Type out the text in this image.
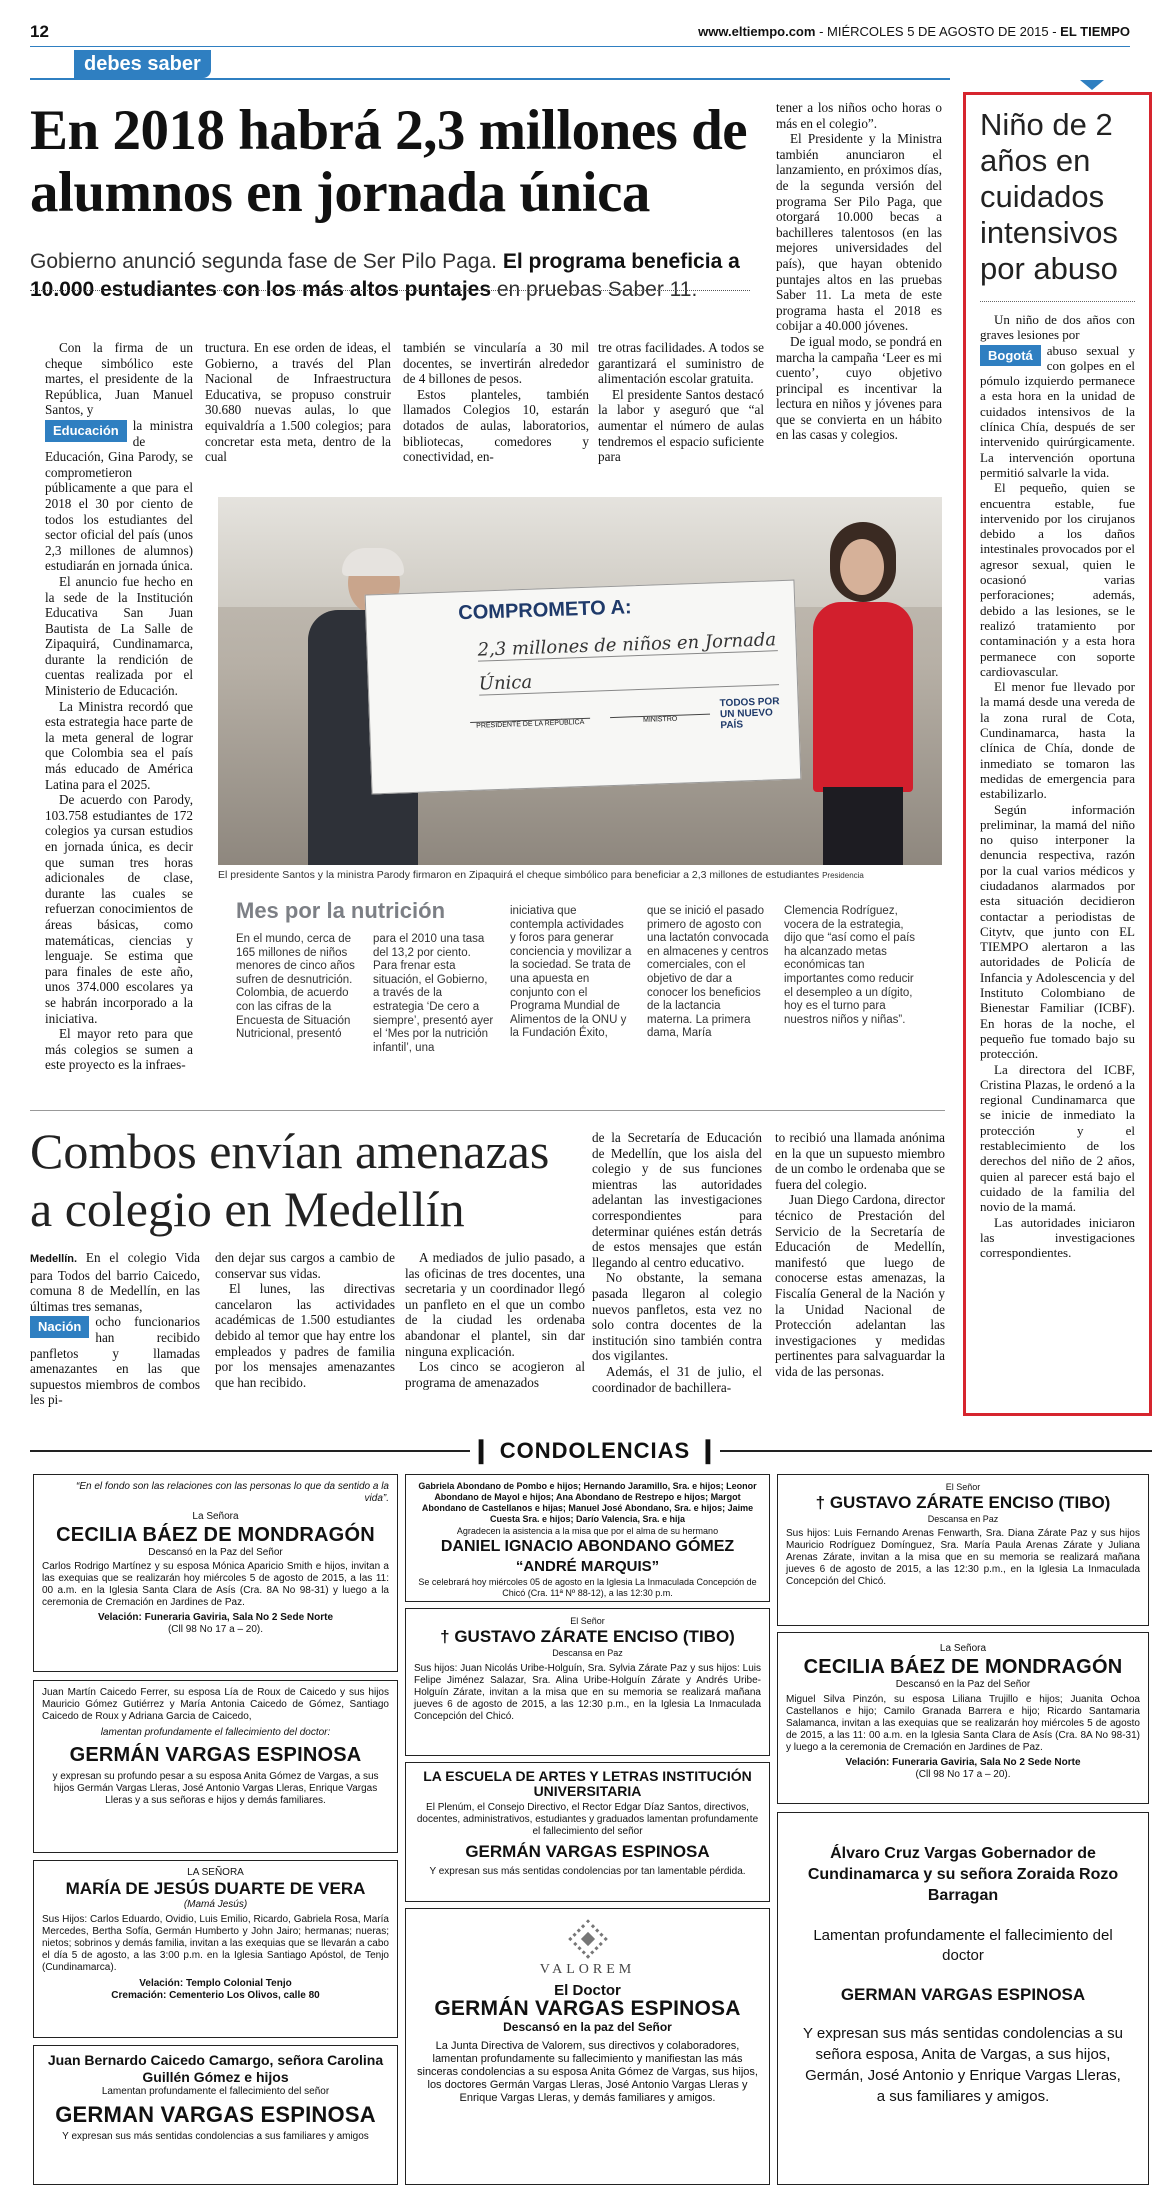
12	www.eltiempo.com - MIÉRCOLES 5 DE AGOSTO DE 2015 - EL TIEMPO
debes saber
En 2018 habrá 2,3 millones de alumnos en jornada única
Gobierno anunció segunda fase de Ser Pilo Paga. El programa beneficia a 10.000 estudiantes con los más altos puntajes en pruebas Saber 11.

Con la firma de un cheque simbólico este martes, el presidente de la República, Juan Manuel Santos, y

Educación	la ministra de Educación, Gina Parody, se comprometieron públicamente a que para el 2018 el 30 por ciento de todos los estudiantes del sector oficial del país (unos 2,3 millones de alumnos) estudiarán en jornada única.

El anuncio fue hecho en la sede de la Institución Educativa San Juan Bautista de La Salle de Zipaquirá, Cundinamarca, durante la rendición de cuentas realizada por el Ministerio de Educación.

La Ministra recordó que esta estrategia hace parte de la meta general de lograr que Colombia sea el país más educado de América Latina para el 2025.

De acuerdo con Parody, 103.758 estudiantes de 172 colegios ya cursan estudios en jornada única, es decir que suman tres horas adicionales de clase, durante las cuales se refuerzan conocimientos de áreas básicas, como matemáticas, ciencias y lenguaje. Se estima que para finales de este año, unos 374.000 escolares ya se habrán incorporado a la iniciativa.

El mayor reto para que más colegios se sumen a este proyecto es la infraes-

tructura. En ese orden de ideas, el Gobierno, a través del Plan Nacional de Infraestructura Educativa, se propuso construir 30.680 nuevas aulas, lo que equivaldría a 1.500 colegios; para concretar esta meta, dentro de la cual

también se vincularía a 30 mil docentes, se invertirán alrededor de 4 billones de pesos.

Estos planteles, también llamados Colegios 10, estarán dotados de aulas, laboratorios, bibliotecas, comedores y conectividad, en-

tre otras facilidades. A todos se garantizará el suministro de alimentación escolar gratuita.

El presidente Santos destacó la labor y aseguró que “al aumentar el número de aulas tendremos el espacio suficiente para

tener a los niños ocho horas o más en el colegio”.

El Presidente y la Ministra también anunciaron el lanzamiento, en próximos días, de la segunda versión del programa Ser Pilo Paga, que otorgará 10.000 becas a bachilleres talentosos (en las mejores universidades del país), que hayan obtenido puntajes altos en las pruebas Saber 11. La meta de este programa hasta el 2018 es cobijar a 40.000 jóvenes.

De igual modo, se pondrá en marcha la campaña ‘Leer es mi cuento’, cuyo objetivo principal es incentivar la lectura en niños y jóvenes para que se convierta en un hábito en las casas y colegios.

COMPROMETO A:
2,3 millones de niños en Jornada
Única
PRESIDENTE DE LA REPÚBLICA	MINISTRO
TODOS POR UN NUEVO PAÍS
El presidente Santos y la ministra Parody firmaron en Zipaquirá el cheque simbólico para beneficiar a 2,3 millones de estudiantes Presidencia
Mes por la nutrición
En el mundo, cerca de 165 millones de niños menores de cinco años sufren de desnutrición. Colombia, de acuerdo con las cifras de la Encuesta de Situación Nutricional, presentó
para el 2010 una tasa del 13,2 por ciento. Para frenar esta situación, el Gobierno, a través de la estrategia ‘De cero a siempre’, presentó ayer el ‘Mes por la nutrición infantil’, una
iniciativa que contempla actividades y foros para generar conciencia y movilizar a la sociedad. Se trata de una apuesta en conjunto con el Programa Mundial de Alimentos de la ONU y la Fundación Éxito,
que se inició el pasado primero de agosto con una lactatón convocada en almacenes y centros comerciales, con el objetivo de dar a conocer los beneficios de la lactancia materna. La primera dama, María
Clemencia Rodríguez, vocera de la estrategia, dijo que “así como el país ha alcanzado metas económicas tan importantes como reducir el desempleo a un dígito, hoy es el turno para nuestros niños y niñas”.
Niño de 2 años en cuidados intensivos por abuso

Un niño de dos años con graves lesiones por

Bogotá	abuso sexual y con golpes en el pómulo izquierdo permanece a esta hora en la unidad de cuidados intensivos de la clínica Chía, después de ser intervenido quirúrgicamente. La intervención oportuna permitió salvarle la vida.

El pequeño, quien se encuentra estable, fue intervenido por los cirujanos debido a los daños intestinales provocados por el agresor sexual, quien le ocasionó varias perforaciones; además, debido a las lesiones, se le realizó tratamiento por contaminación y a esta hora permanece con soporte cardiovascular.

El menor fue llevado por la mamá desde una vereda de la zona rural de Cota, Cundinamarca, hasta la clínica de Chía, donde de inmediato se tomaron las medidas de emergencia para estabilizarlo.

Según información preliminar, la mamá del niño no quiso interponer la denuncia respectiva, razón por la cual varios médicos y ciudadanos alarmados por esta situación decidieron contactar a periodistas de Citytv, que junto con EL TIEMPO alertaron a las autoridades de Policía de Infancia y Adolescencia y del Instituto Colombiano de Bienestar Familiar (ICBF). En horas de la noche, el pequeño fue tomado bajo su protección.

La directora del ICBF, Cristina Plazas, le ordenó a la regional Cundinamarca que se inicie de inmediato la protección y el restablecimiento de los derechos del niño de 2 años, quien al parecer está bajo el cuidado de la familia del novio de la mamá.

Las autoridades iniciaron las investigaciones correspondientes.

Combos envían amenazas
a colegio en Medellín

Medellín. En el colegio Vida para Todos del barrio Caicedo, comuna 8 de Medellín, en las últimas tres semanas,

Nación	ocho funcionarios han recibido panfletos y llamadas amenazantes en las que supuestos miembros de combos les pi-

den dejar sus cargos a cambio de conservar sus vidas.

El lunes, las directivas cancelaron las actividades académicas de 1.500 estudiantes debido al temor que hay entre los empleados y padres de familia por los mensajes amenazantes que han recibido.

A mediados de julio pasado, a las oficinas de tres docentes, una secretaria y un coordinador llegó un panfleto en el que un combo de la ciudad les ordenaba abandonar el plantel, sin dar ninguna explicación.

Los cinco se acogieron al programa de amenazados

de la Secretaría de Educación de Medellín, que los aisla del colegio y de sus funciones mientras las autoridades adelantan las investigaciones correspondientes para determinar quiénes están detrás de estos mensajes que están llegando al centro educativo.

No obstante, la semana pasada llegaron al colegio nuevos panfletos, esta vez no solo contra docentes de la institución sino también contra dos vigilantes.

Además, el 31 de julio, el coordinador de bachillera-

to recibió una llamada anónima en la que un supuesto miembro de un combo le ordenaba que se fuera del colegio.

Juan Diego Cardona, director técnico de Prestación del Servicio de la Secretaría de Educación de Medellín, manifestó que luego de conocerse estas amenazas, la Fiscalía General de la Nación y la Unidad Nacional de Protección adelantan las investigaciones y medidas pertinentes para salvaguardar la vida de las personas.

❙ CONDOLENCIAS ❙
“En el fondo son las relaciones con las personas lo que da sentido a la vida”.
La Señora
CECILIA BÁEZ DE MONDRAGÓN
Descansó en la Paz del Señor
Carlos Rodrigo Martínez y su esposa Mónica Aparicio Smith e hijos, invitan a las exequias que se realizarán hoy miércoles 5 de agosto de 2015, a las 11: 00 a.m. en la Iglesia Santa Clara de Asís (Cra. 8A No 98-31) y luego a la ceremonia de Cremación en Jardines de Paz.
Velación: Funeraria Gaviria, Sala No 2 Sede Norte
(Cll 98 No 17 a – 20).
Juan Martín Caicedo Ferrer, su esposa Lía de Roux de Caicedo y sus hijos Mauricio Gómez Gutiérrez y María Antonia Caicedo de Gómez, Santiago Caicedo de Roux y Adriana Garcia de Caicedo,
lamentan profundamente el fallecimiento del doctor:
GERMÁN VARGAS ESPINOSA
y expresan su profundo pesar a su esposa Anita Gómez de Vargas, a sus hijos Germán Vargas Lleras, José Antonio Vargas Lleras, Enrique Vargas Lleras y a sus señoras e hijos y demás familiares.
LA SEÑORA
MARÍA DE JESÚS DUARTE DE VERA
(Mamá Jesús)
Sus Hijos: Carlos Eduardo, Ovidio, Luis Emilio, Ricardo, Gabriela Rosa, María Mercedes, Bertha Sofía, Germán Humberto y John Jairo; hermanas; nueras; nietos; sobrinos y demás familia, invitan a las exequias que se llevarán a cabo el día 5 de agosto, a las 3:00 p.m. en la Iglesia Santiago Apóstol, de Tenjo (Cundinamarca).
Velación: Templo Colonial Tenjo
Cremación: Cementerio Los Olivos, calle 80
Juan Bernardo Caicedo Camargo, señora Carolina Guillén Gómez e hijos
Lamentan profundamente el fallecimiento del señor
GERMAN VARGAS ESPINOSA
Y expresan sus más sentidas condolencias a sus familiares y amigos
Gabriela Abondano de Pombo e hijos; Hernando Jaramillo, Sra. e hijos; Leonor Abondano de Mayol e hijos; Ana Abondano de Restrepo e hijos; Margot Abondano de Castellanos e hijas; Manuel José Abondano, Sra. e hijos; Jaime Cuesta Sra. e hijos; Darío Valencia, Sra. e hija
Agradecen la asistencia a la misa que por el alma de su hermano
DANIEL IGNACIO ABONDANO GÓMEZ
“ANDRÉ MARQUIS”
Se celebrará hoy miércoles 05 de agosto en la Iglesia La Inmaculada Concepción de Chicó (Cra. 11ª Nº 88-12), a las 12:30 p.m.
El Señor
† GUSTAVO ZÁRATE ENCISO (TIBO)
Descansa en Paz
Sus hijos: Juan Nicolás Uribe-Holguín, Sra. Sylvia Zárate Paz y sus hijos: Luis Felipe Jiménez Salazar, Sra. Alina Uribe-Holguín Zárate y Andrés Uribe-Holguín Zárate, invitan a la misa que en su memoria se realizará mañana jueves 6 de agosto de 2015, a las 12:30 p.m., en la Iglesia La Inmaculada Concepción del Chicó.
LA ESCUELA DE ARTES Y LETRAS INSTITUCIÓN UNIVERSITARIA
El Plenúm, el Consejo Directivo, el Rector Edgar Díaz Santos, directivos, docentes, administrativos, estudiantes y graduados lamentan profundamente el fallecimiento del señor
GERMÁN VARGAS ESPINOSA
Y expresan sus más sentidas condolencias por tan lamentable pérdida.
VALOREM
El Doctor
GERMÁN VARGAS ESPINOSA
Descansó en la paz del Señor
La Junta Directiva de Valorem, sus directivos y colaboradores, lamentan profundamente su fallecimiento y manifiestan las más sinceras condolencias a su esposa Anita Gómez de Vargas, sus hijos, los doctores Germán Vargas Lleras, José Antonio Vargas Lleras y Enrique Vargas Lleras, y demás familiares y amigos.
El Señor
† GUSTAVO ZÁRATE ENCISO (TIBO)
Descansa en Paz
Sus hijos: Luis Fernando Arenas Fenwarth, Sra. Diana Zárate Paz y sus hijos Mauricio Rodríguez Domínguez, Sra. María Paula Arenas Zárate y Juliana Arenas Zárate, invitan a la misa que en su memoria se realizará mañana jueves 6 de agosto de 2015, a las 12:30 p.m., en la Iglesia La Inmaculada Concepción del Chicó.
La Señora
CECILIA BÁEZ DE MONDRAGÓN
Descansó en la Paz del Señor
Miguel Silva Pinzón, su esposa Liliana Trujillo e hijos; Juanita Ochoa Castellanos e hijo; Camilo Granada Barrera e hijo; Ricardo Santamaria Salamanca, invitan a las exequias que se realizarán hoy miércoles 5 de agosto de 2015, a las 11: 00 a.m. en la Iglesia Santa Clara de Asís (Cra. 8A No 98-31) y luego a la ceremonia de Cremación en Jardines de Paz.
Velación: Funeraria Gaviria, Sala No 2 Sede Norte
(Cll 98 No 17 a – 20).
Álvaro Cruz Vargas Gobernador de Cundinamarca y su señora Zoraida Rozo Barragan
Lamentan profundamente el fallecimiento del doctor
GERMAN VARGAS ESPINOSA
Y expresan sus más sentidas condolencias a su señora esposa, Anita de Vargas, a sus hijos, Germán, José Antonio y Enrique Vargas Lleras, a sus familiares y amigos.
